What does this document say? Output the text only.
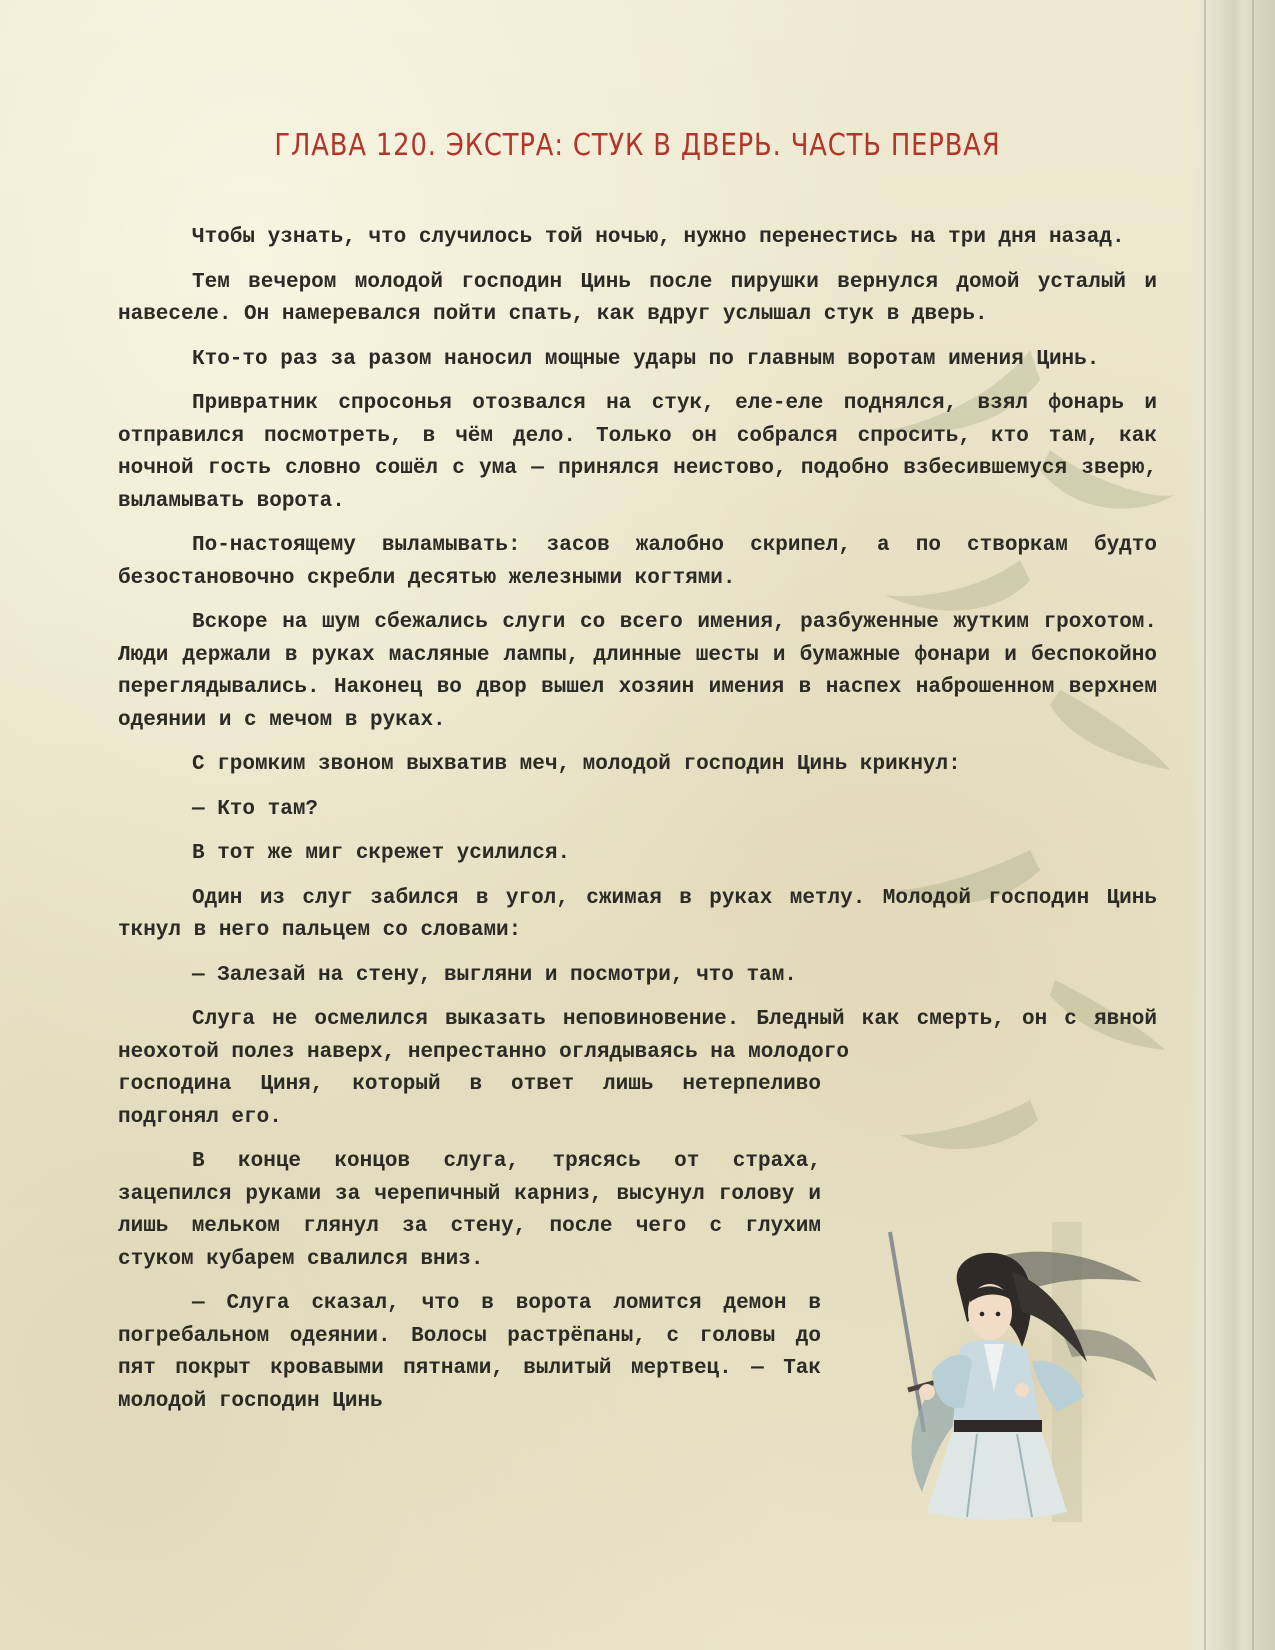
ГЛАВА 120. ЭКСТРА: СТУК В ДВЕРЬ. ЧАСТЬ ПЕРВАЯ

Чтобы узнать, что случилось той ночью, нужно перенестись на три дня назад.

Тем вечером молодой господин Цинь после пирушки вернулся домой усталый и навеселе. Он намеревался пойти спать, как вдруг услышал стук в дверь.

Кто-то раз за разом наносил мощные удары по главным воротам имения Цинь.

Привратник спросонья отозвался на стук, еле-еле поднялся, взял фонарь и отправился посмотреть, в чём дело. Только он собрался спросить, кто там, как ночной гость словно сошёл с ума — принялся неистово, подобно взбесившемуся зверю, выламывать ворота.

По-настоящему выламывать: засов жалобно скрипел, а по створкам будто безостановочно скребли десятью железными когтями.

Вскоре на шум сбежались слуги со всего имения, разбуженные жутким грохотом. Люди держали в руках масляные лампы, длинные шесты и бумажные фонари и беспокойно переглядывались. Наконец во двор вышел хозяин имения в наспех наброшенном верхнем одеянии и с мечом в руках.

С громким звоном выхватив меч, молодой господин Цинь крикнул:

— Кто там?

В тот же миг скрежет усилился.

Один из слуг забился в угол, сжимая в руках метлу. Молодой господин Цинь ткнул в него пальцем со словами:

— Залезай на стену, выгляни и посмотри, что там.

Слуга не осмелился выказать неповиновение. Бледный как смерть, он с явной неохотой полез наверх, непрестанно оглядываясь на молодого

господина Циня, который в ответ лишь нетерпеливо подгонял его.

В конце концов слуга, трясясь от страха, зацепился руками за черепичный карниз, высунул голову и лишь мельком глянул за стену, после чего с глухим стуком кубарем свалился вниз.

— Слуга сказал, что в ворота ломится демон в погребальном одеянии. Волосы растрёпаны, с головы до пят покрыт кровавыми пятнами, вылитый мертвец. — Так молодой господин Цинь
